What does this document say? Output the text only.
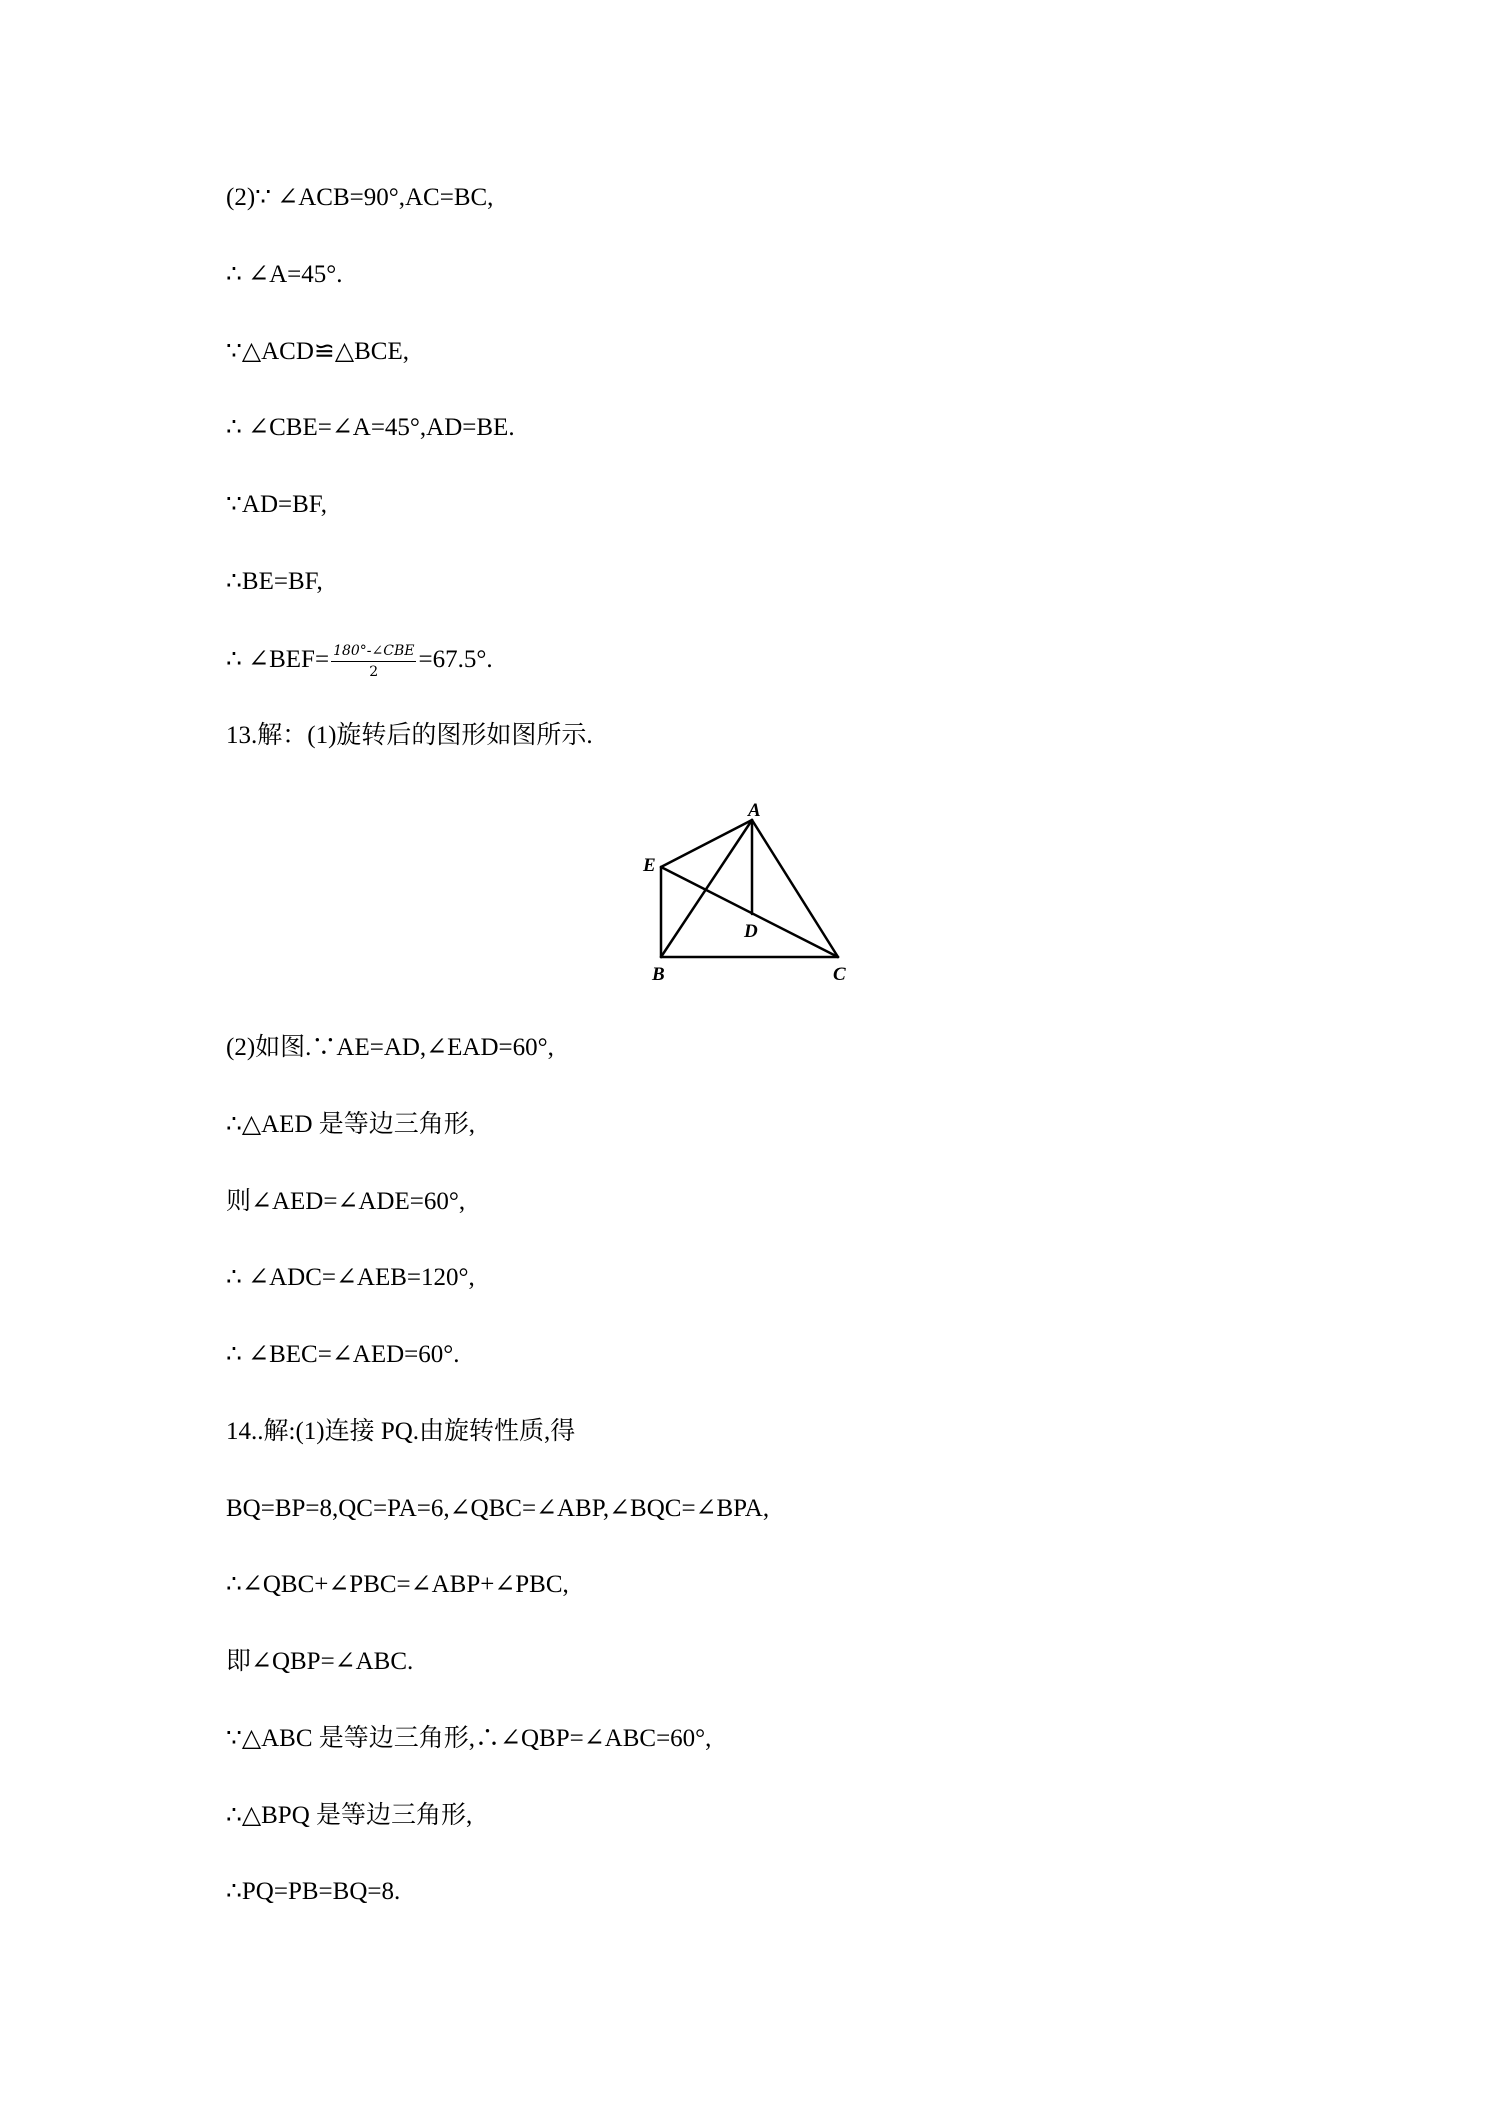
(2)∵ ∠ACB=90°,AC=BC,
∴ ∠A=45°.
∵△ACD≌△BCE,
∴ ∠CBE=∠A=45°,AD=BE.
∵AD=BF,
∴BE=BF,
∴ ∠BEF= $\frac{\text{180°-∠CBE}}{2} =67.5^\circ$.
13.解：(1)旋转后的图形如图所示.
A
E
D
B	C
(2)如图.∵AE=AD,∠EAD=60°,
∴△AED 是等边三角形,
则∠AED=∠ADE=60°,
∴ ∠ADC=∠AEB=120°,
∴ ∠BEC=∠AED=60°.
14..解:(1)连接 PQ.由旋转性质,得
BQ=BP=8,QC=PA=6,∠QBC=∠ABP,∠BQC=∠BPA,
∴∠QBC+∠PBC=∠ABP+∠PBC,
即∠QBP=∠ABC.
∵△ABC 是等边三角形,∴∠QBP=∠ABC=60°,
∴△BPQ 是等边三角形,
∴PQ=PB=BQ=8.
